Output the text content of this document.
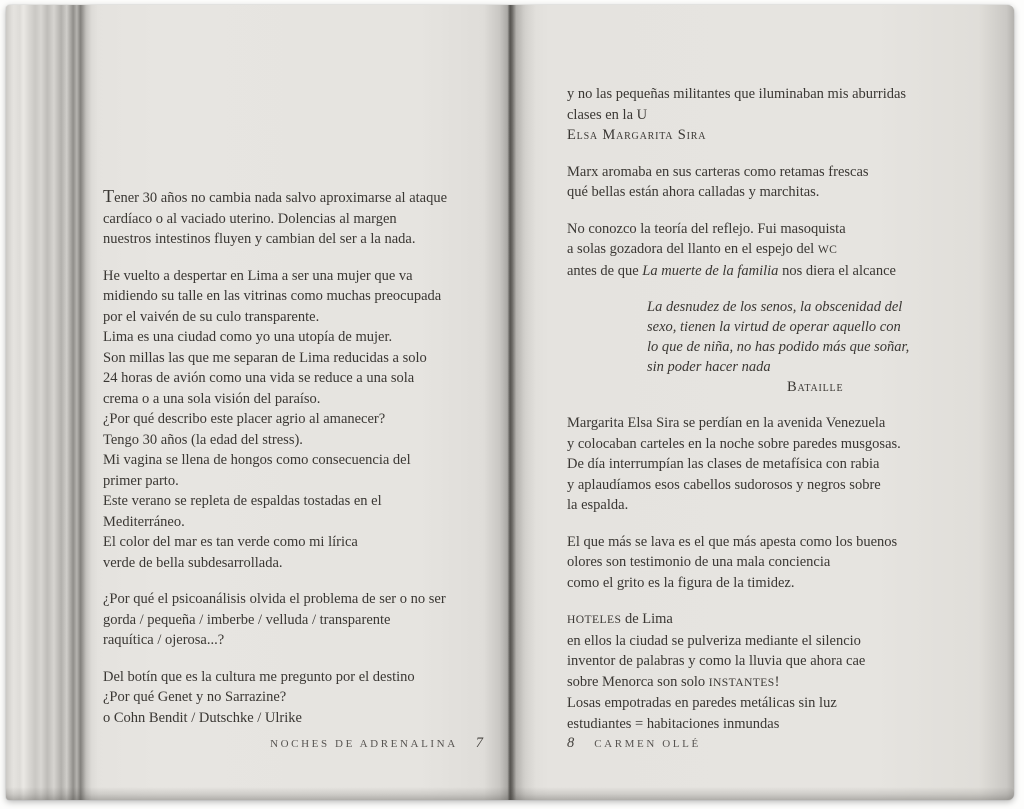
Tener 30 años no cambia nada salvo aproximarse al ataque
cardíaco o al vaciado uterino. Dolencias al margen
nuestros intestinos fluyen y cambian del ser a la nada.
He vuelto a despertar en Lima a ser una mujer que va
midiendo su talle en las vitrinas como muchas preocupada
por el vaivén de su culo transparente.
Lima es una ciudad como yo una utopía de mujer.
Son millas las que me separan de Lima reducidas a solo
24 horas de avión como una vida se reduce a una sola
crema o a una sola visión del paraíso.
¿Por qué describo este placer agrio al amanecer?
Tengo 30 años (la edad del stress).
Mi vagina se llena de hongos como consecuencia del
primer parto.
Este verano se repleta de espaldas tostadas en el
Mediterráneo.
El color del mar es tan verde como mi lírica
verde de bella subdesarrollada.
¿Por qué el psicoanálisis olvida el problema de ser o no ser
gorda / pequeña / imberbe / velluda / transparente
raquítica / ojerosa...?
Del botín que es la cultura me pregunto por el destino
¿Por qué Genet y no Sarrazine?
o Cohn Bendit / Dutschke / Ulrike
y no las pequeñas militantes que iluminaban mis aburridas
clases en la U
Elsa Margarita Sira
Marx aromaba en sus carteras como retamas frescas
qué bellas están ahora calladas y marchitas.
No conozco la teoría del reflejo. Fui masoquista
a solas gozadora del llanto en el espejo del WC
antes de que La muerte de la familia nos diera el alcance
La desnudez de los senos, la obscenidad del
sexo, tienen la virtud de operar aquello con
lo que de niña, no has podido más que soñar,
sin poder hacer nada
Bataille
Margarita Elsa Sira se perdían en la avenida Venezuela
y colocaban carteles en la noche sobre paredes musgosas.
De día interrumpían las clases de metafísica con rabia
y aplaudíamos esos cabellos sudorosos y negros sobre
la espalda.
El que más se lava es el que más apesta como los buenos
olores son testimonio de una mala conciencia
como el grito es la figura de la timidez.
HOTELES de Lima
en ellos la ciudad se pulveriza mediante el silencio
inventor de palabras y como la lluvia que ahora cae
sobre Menorca son solo INSTANTES!
Losas empotradas en paredes metálicas sin luz
estudiantes = habitaciones inmundas
NOCHES DE ADRENALINA 7	8 CARMEN OLLÉ
